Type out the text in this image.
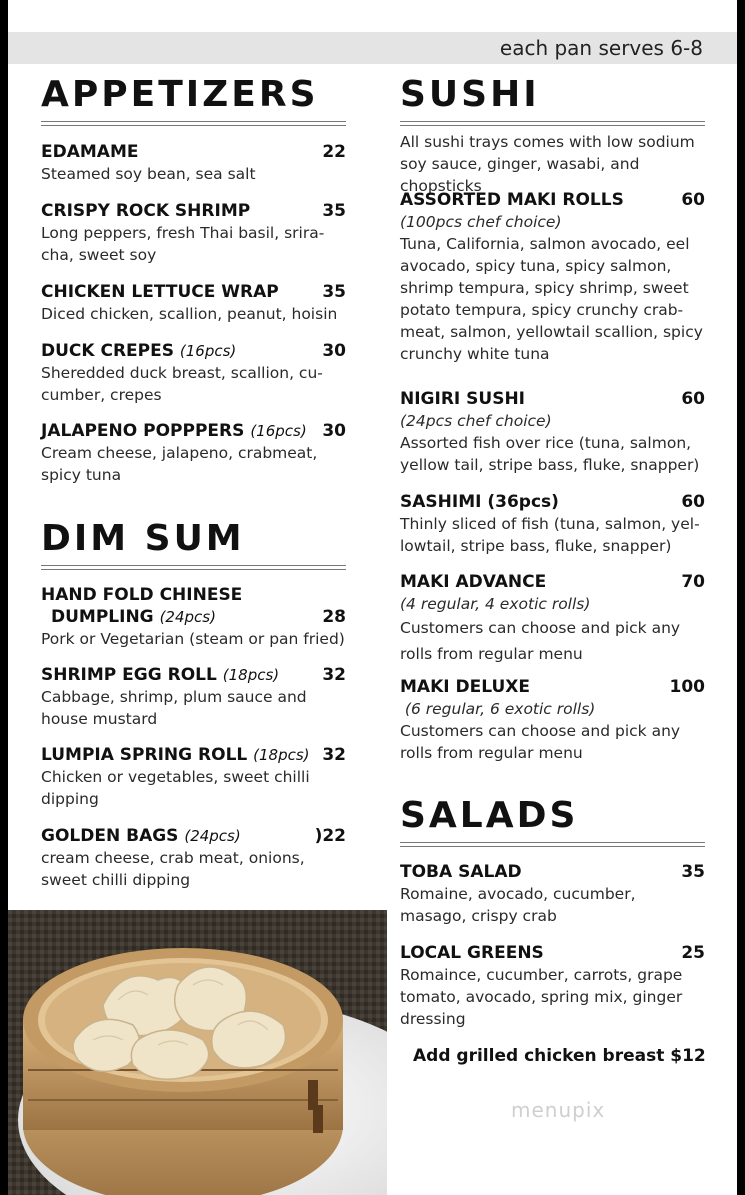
each pan serves 6-8
APPETIZERS
EDAMAME	22
Steamed soy bean, sea salt
CRISPY ROCK SHRIMP	35
Long peppers, fresh Thai basil, srira-cha, sweet soy
CHICKEN LETTUCE WRAP	35
Diced chicken, scallion, peanut, hoisin
DUCK CREPES (16pcs)	30
Sheredded duck breast, scallion, cu-cumber, crepes
JALAPENO POPPPERS (16pcs) 30
Cream cheese, jalapeno, crabmeat, spicy tuna
DIM SUM
HAND FOLD CHINESE
DUMPLING (24pcs)	28
Pork or Vegetarian (steam or pan fried)
SHRIMP EGG ROLL (18pcs)	32
Cabbage, shrimp, plum sauce and house mustard
LUMPIA SPRING ROLL (18pcs) 32
Chicken or vegetables, sweet chilli dipping
GOLDEN BAGS (24pcs)	)22
cream cheese, crab meat, onions, sweet chilli dipping
SUSHI
All sushi trays comes with low sodium soy sauce, ginger, wasabi, and chopsticks
ASSORTED MAKI ROLLS	60
(100pcs chef choice)
Tuna, California, salmon avocado, eel avocado, spicy tuna, spicy salmon, shrimp tempura, spicy shrimp, sweet potato tempura, spicy crunchy crab-meat, salmon, yellowtail scallion, spicy crunchy white tuna
NIGIRI SUSHI	60
(24pcs chef choice)
Assorted fish over rice (tuna, salmon, yellow tail, stripe bass, fluke, snapper)
SASHIMI (36pcs)	60
Thinly sliced of fish (tuna, salmon, yel-lowtail, stripe bass, fluke, snapper)
MAKI ADVANCE	70
(4 regular, 4 exotic rolls)
Customers can choose and pick any rolls from regular menu
MAKI DELUXE	100
(6 regular, 6 exotic rolls)
Customers can choose and pick any rolls from regular menu
SALADS
TOBA SALAD	35
Romaine, avocado, cucumber, masago, crispy crab
LOCAL GREENS	25
Romaince, cucumber, carrots, grape tomato, avocado, spring mix, ginger dressing
Add grilled chicken breast $12
menupix
